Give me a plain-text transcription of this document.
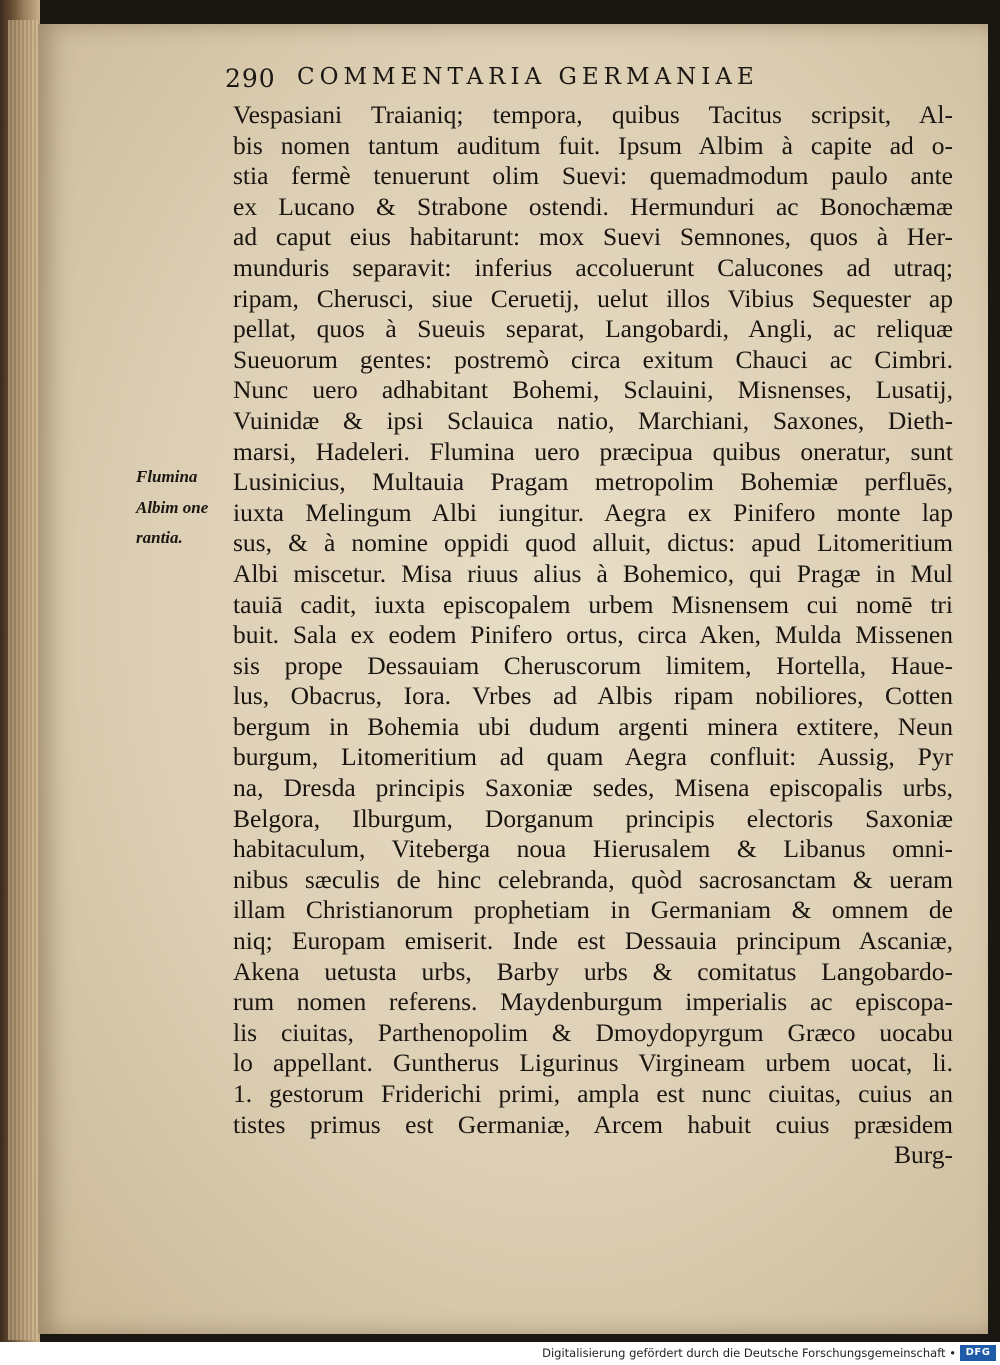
290 COMMENTARIA GERMANIAE
Flumina
Albim one
rantia.
Vespasiani Traianiq; tempora, quibus Tacitus scripsit, Al-
bis nomen tantum auditum fuit. Ipsum Albim à capite ad o-
stia fermè tenuerunt olim Suevi: quemadmodum paulo ante
ex Lucano & Strabone ostendi. Hermunduri ac Bonochæmæ
ad caput eius habitarunt: mox Suevi Semnones, quos à Her-
munduris separavit: inferius accoluerunt Calucones ad utraq;
ripam, Cherusci, siue Ceruetij, uelut illos Vibius Sequester ap
pellat, quos à Sueuis separat, Langobardi, Angli, ac reliquæ
Sueuorum gentes: postremò circa exitum Chauci ac Cimbri.
Nunc uero adhabitant Bohemi, Sclauini, Misnenses, Lusatij,
Vuinidæ & ipsi Sclauica natio, Marchiani, Saxones, Dieth-
marsi, Hadeleri. Flumina uero præcipua quibus oneratur, sunt
Lusinicius, Multauia Pragam metropolim Bohemiæ perfluēs,
iuxta Melingum Albi iungitur. Aegra ex Pinifero monte lap
sus, & à nomine oppidi quod alluit, dictus: apud Litomeritium
Albi miscetur. Misa riuus alius à Bohemico, qui Pragæ in Mul
tauiā cadit, iuxta episcopalem urbem Misnensem cui nomē tri
buit. Sala ex eodem Pinifero ortus, circa Aken, Mulda Missenen
sis prope Dessauiam Cheruscorum limitem, Hortella, Haue-
lus, Obacrus, Iora. Vrbes ad Albis ripam nobiliores, Cotten
bergum in Bohemia ubi dudum argenti minera extitere, Neun
burgum, Litomeritium ad quam Aegra confluit: Aussig, Pyr
na, Dresda principis Saxoniæ sedes, Misena episcopalis urbs,
Belgora, Ilburgum, Dorganum principis electoris Saxoniæ
habitaculum, Viteberga noua Hierusalem & Libanus omni-
nibus sæculis de hinc celebranda, quòd sacrosanctam & ueram
illam Christianorum prophetiam in Germaniam & omnem de
niq; Europam emiserit. Inde est Dessauia principum Ascaniæ,
Akena uetusta urbs, Barby urbs & comitatus Langobardo-
rum nomen referens. Maydenburgum imperialis ac episcopa-
lis ciuitas, Parthenopolim & Dmoydopyrgum Græco uocabu
lo appellant. Guntherus Ligurinus Virgineam urbem uocat, li.
1. gestorum Friderichi primi, ampla est nunc ciuitas, cuius an
tistes primus est Germaniæ, Arcem habuit cuius præsidem
Burg-
Digitalisierung gefördert durch die Deutsche Forschungsgemeinschaft • DFG
